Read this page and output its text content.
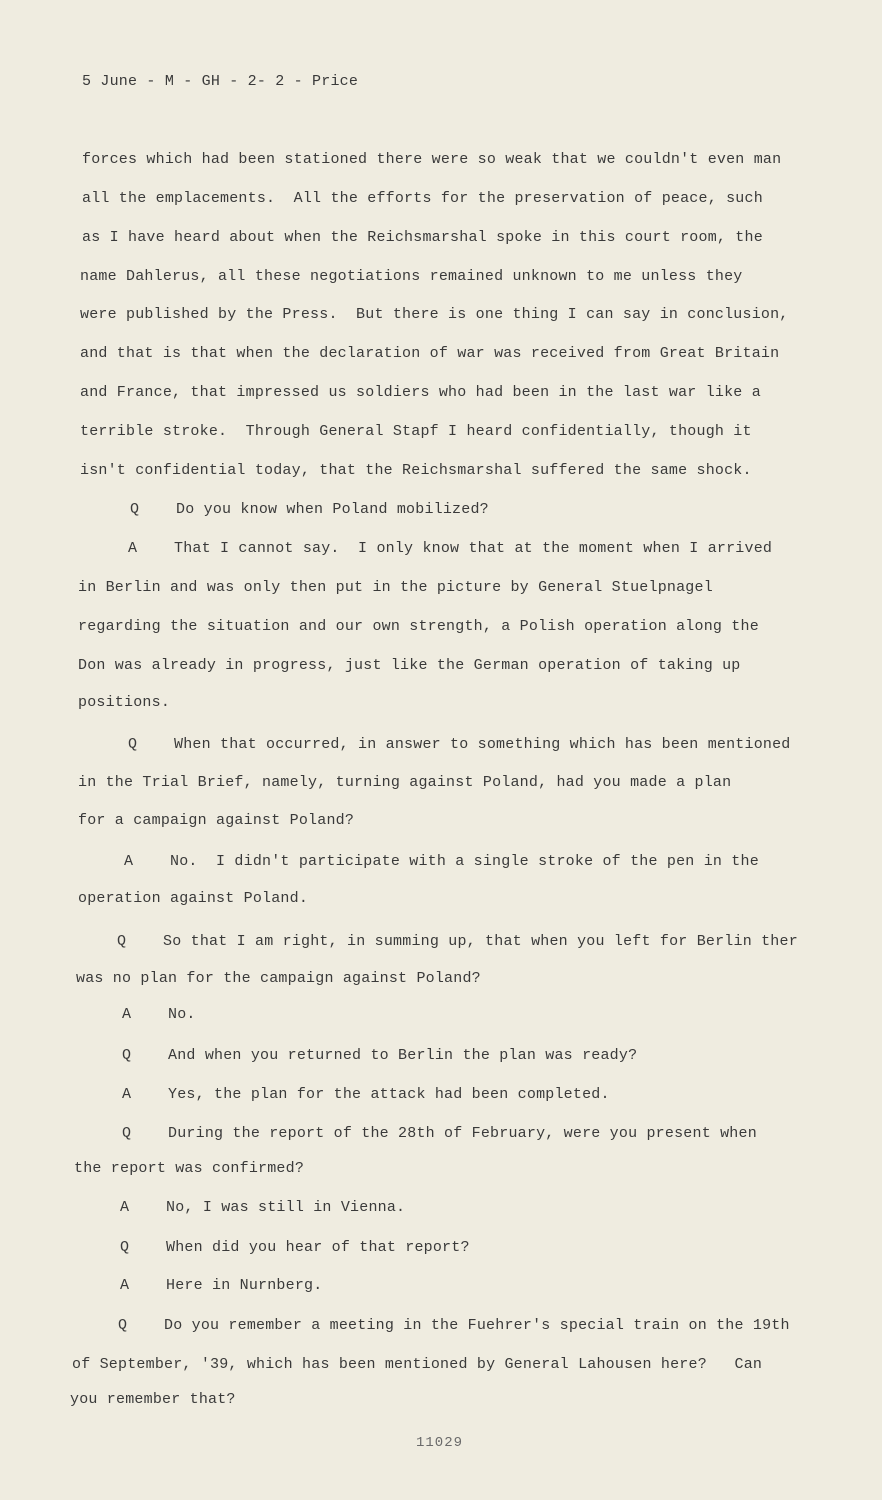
5 June - M - GH - 2- 2 - Price
forces which had been stationed there were so weak that we couldn't even man
all the emplacements.  All the efforts for the preservation of peace, such
as I have heard about when the Reichsmarshal spoke in this court room, the
name Dahlerus, all these negotiations remained unknown to me unless they
were published by the Press.  But there is one thing I can say in conclusion,
and that is that when the declaration of war was received from Great Britain
and France, that impressed us soldiers who had been in the last war like a
terrible stroke.  Through General Stapf I heard confidentially, though it
isn't confidential today, that the Reichsmarshal suffered the same shock.
Q    Do you know when Poland mobilized?
A    That I cannot say.  I only know that at the moment when I arrived
in Berlin and was only then put in the picture by General Stuelpnagel
regarding the situation and our own strength, a Polish operation along the
Don was already in progress, just like the German operation of taking up
positions.
Q    When that occurred, in answer to something which has been mentioned
in the Trial Brief, namely, turning against Poland, had you made a plan
for a campaign against Poland?
A    No.  I didn't participate with a single stroke of the pen in the
operation against Poland.
Q    So that I am right, in summing up, that when you left for Berlin ther
was no plan for the campaign against Poland?
A    No.
Q    And when you returned to Berlin the plan was ready?
A    Yes, the plan for the attack had been completed.
Q    During the report of the 28th of February, were you present when
the report was confirmed?
A    No, I was still in Vienna.
Q    When did you hear of that report?
A    Here in Nurnberg.
Q    Do you remember a meeting in the Fuehrer's special train on the 19th
of September, '39, which has been mentioned by General Lahousen here?   Can
you remember that?
11029
